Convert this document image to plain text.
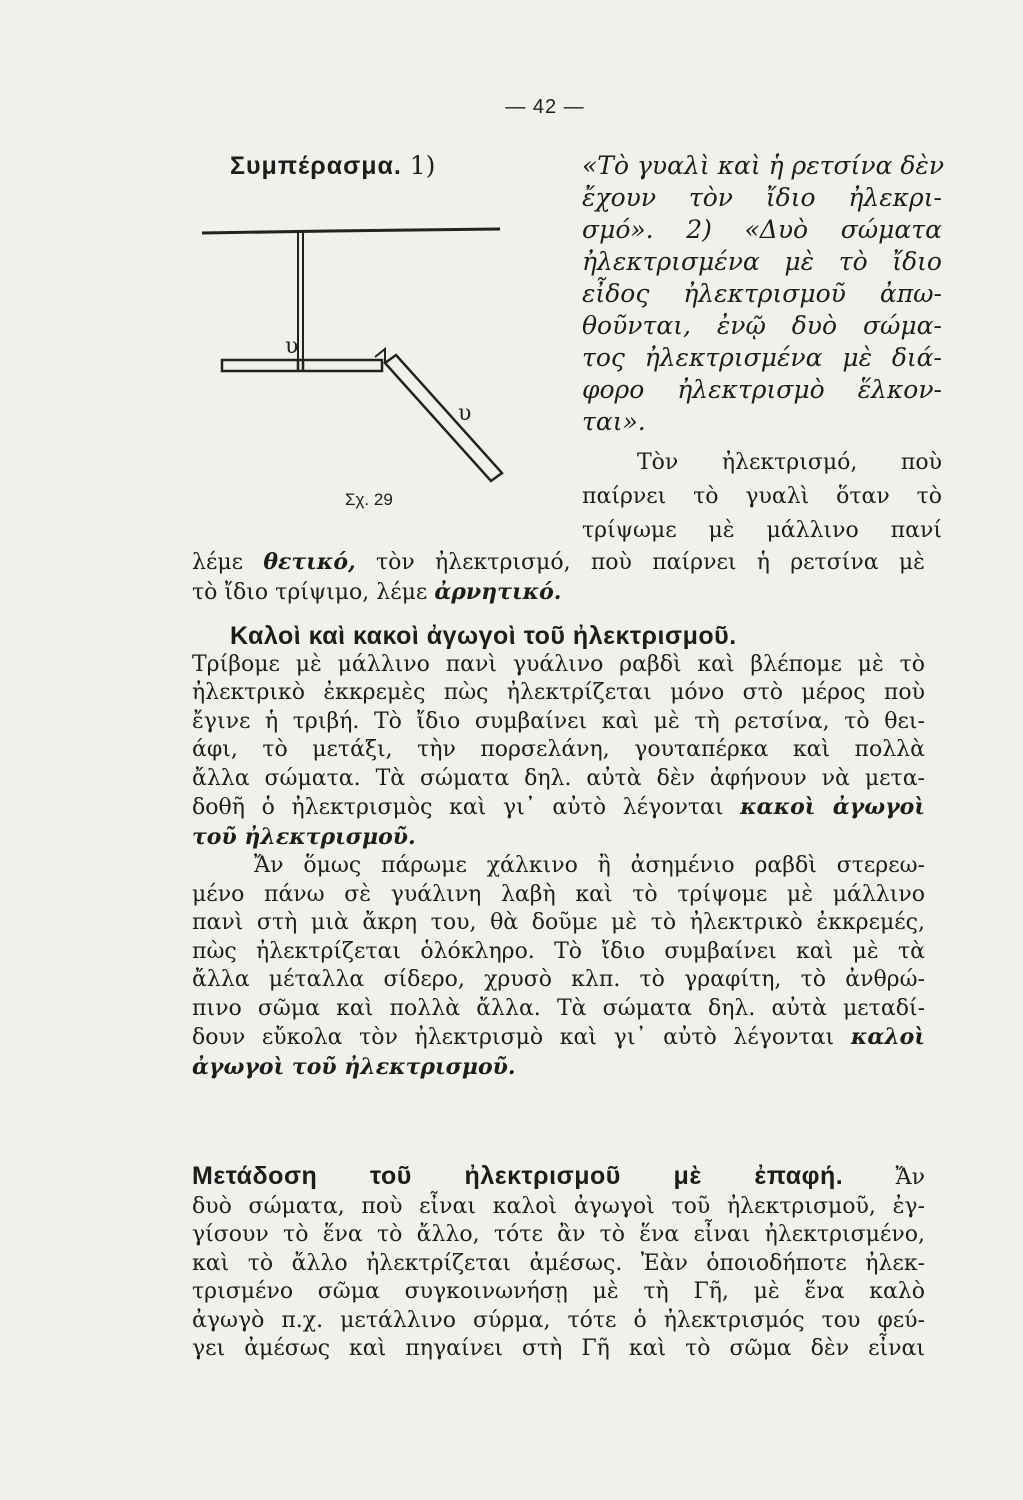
— 42 —
Συμπέρασμα. 1)	«Τὸ γυαλὶ καὶ ἡ ρετσίνα δὲν
ἔχουν τὸν ἴδιο ἠλεκρι-
σμό». 2) «Δυὸ σώματα
ἠλεκτρισμένα μὲ τὸ ἴδιο
εἶδος ἠλεκτρισμοῦ ἀπω-
θοῦνται, ἐνῷ δυὸ σώμα-
τος ἠλεκτρισμένα μὲ διά-
φορο ἠλεκτρισμὸ ἕλκον-
ται».
Τὸν ἠλεκτρισμό, ποὺ
παίρνει τὸ γυαλὶ ὅταν τὸ
τρίψωμε μὲ μάλλινο πανί
υ
υ
Σχ. 29
λέμε θετικό, τὸν ἠλεκτρισμό, ποὺ παίρνει ἡ ρετσίνα μὲ
τὸ ἴδιο τρίψιμο, λέμε ἀρνητικό.
Καλοὶ καὶ κακοὶ ἀγωγοὶ τοῦ ἠλεκτρισμοῦ.
Τρίβομε μὲ μάλλινο πανὶ γυάλινο ραβδὶ καὶ βλέπομε μὲ τὸ
ἠλεκτρικὸ ἐκκρεμὲς πὼς ἠλεκτρίζεται μόνο στὸ μέρος ποὺ
ἔγινε ἡ τριβή. Τὸ ἴδιο συμβαίνει καὶ μὲ τὴ ρετσίνα, τὸ θει-
άφι, τὸ μετάξι, τὴν πορσελάνη, γουταπέρκα καὶ πολλὰ
ἄλλα σώματα. Τὰ σώματα δηλ. αὐτὰ δὲν ἀφήνουν νὰ μετα-
δοθῆ ὁ ἠλεκτρισμὸς καὶ γι᾽ αὐτὸ λέγονται κακοὶ ἀγωγοὶ
τοῦ ἠλεκτρισμοῦ.
Ἄν ὅμως πάρωμε χάλκινο ἢ ἀσημένιο ραβδὶ στερεω-
μένο πάνω σὲ γυάλινη λαβὴ καὶ τὸ τρίψομε μὲ μάλλινο
πανὶ στὴ μιὰ ἄκρη του, θὰ δοῦμε μὲ τὸ ἠλεκτρικὸ ἐκκρεμές,
πὼς ἠλεκτρίζεται ὁλόκληρο. Τὸ ἴδιο συμβαίνει καὶ μὲ τὰ
ἄλλα μέταλλα σίδερο, χρυσὸ κλπ. τὸ γραφίτη, τὸ ἀνθρώ-
πινο σῶμα καὶ πολλὰ ἄλλα. Τὰ σώματα δηλ. αὐτὰ μεταδί-
δουν εὔκολα τὸν ἠλεκτρισμὸ καὶ γι᾽ αὐτὸ λέγονται καλοὶ
ἀγωγοὶ τοῦ ἠλεκτρισμοῦ.
Μετάδοση τοῦ ἠλεκτρισμοῦ μὲ ἐπαφή. Ἄν
δυὸ σώματα, ποὺ εἶναι καλοὶ ἀγωγοὶ τοῦ ἠλεκτρισμοῦ, ἐγ-
γίσουν τὸ ἕνα τὸ ἄλλο, τότε ἂν τὸ ἕνα εἶναι ἠλεκτρισμένο,
καὶ τὸ ἄλλο ἠλεκτρίζεται ἀμέσως. Ἐὰν ὁποιοδήποτε ἠλεκ-
τρισμένο σῶμα συγκοινωνήσῃ μὲ τὴ Γῆ, μὲ ἕνα καλὸ
ἀγωγὸ π.χ. μετάλλινο σύρμα, τότε ὁ ἠλεκτρισμός του φεύ-
γει ἀμέσως καὶ πηγαίνει στὴ Γῆ καὶ τὸ σῶμα δὲν εἶναι
